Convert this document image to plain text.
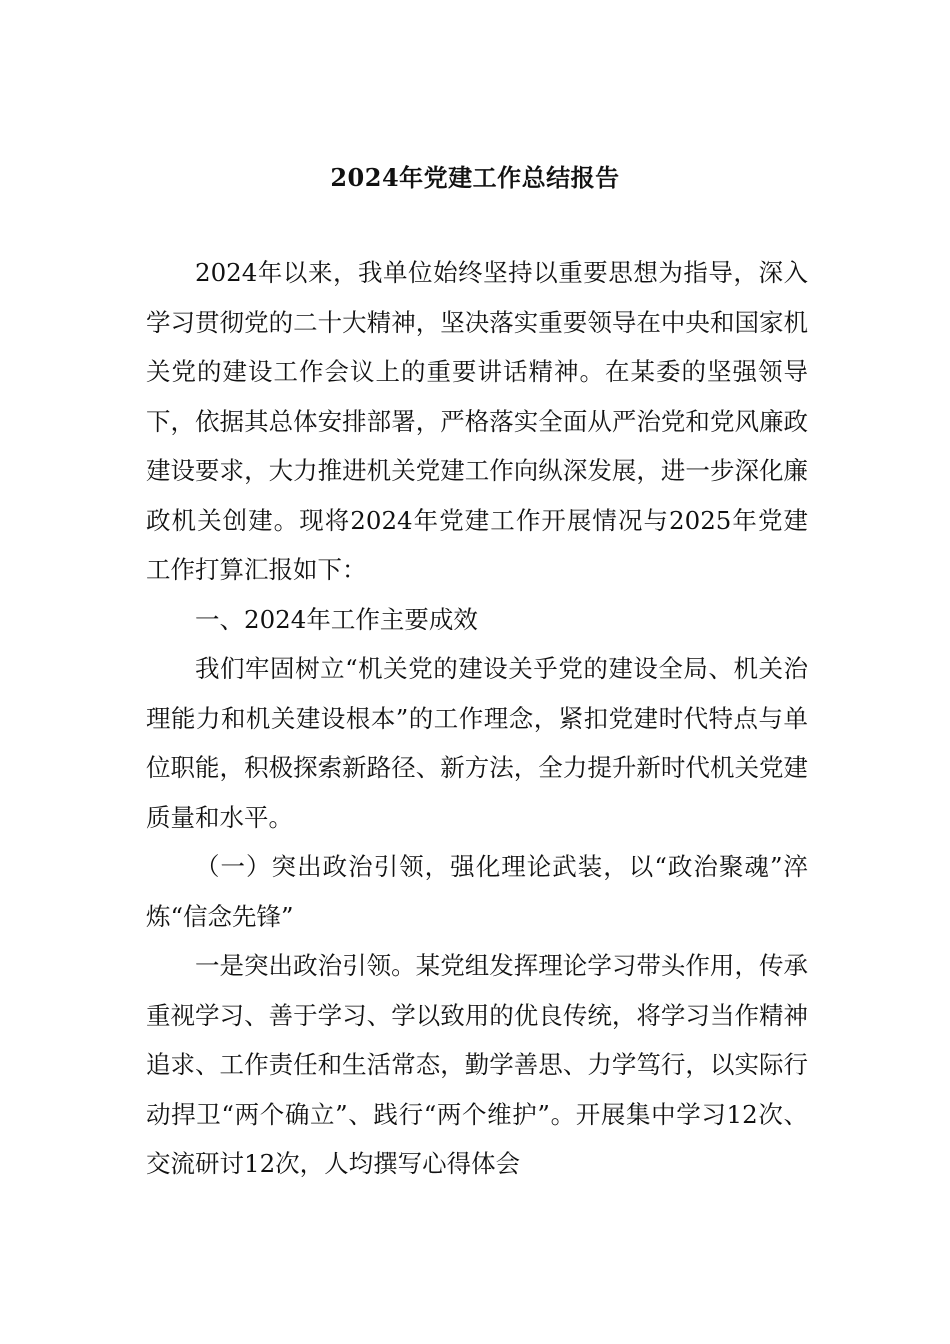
2024年党建工作总结报告

2024年以来，我单位始终坚持以重要思想为指导，深入学习贯彻党的二十大精神，坚决落实重要领导在中央和国家机关党的建设工作会议上的重要讲话精神。在某委的坚强领导下，依据其总体安排部署，严格落实全面从严治党和党风廉政建设要求，大力推进机关党建工作向纵深发展，进一步深化廉政机关创建。现将2024年党建工作开展情况与2025年党建工作打算汇报如下：

一、2024年工作主要成效

我们牢固树立“机关党的建设关乎党的建设全局、机关治理能力和机关建设根本”的工作理念，紧扣党建时代特点与单位职能，积极探索新路径、新方法，全力提升新时代机关党建质量和水平。

（一）突出政治引领，强化理论武装，以“政治聚魂”淬炼“信念先锋”

一是突出政治引领。某党组发挥理论学习带头作用，传承重视学习、善于学习、学以致用的优良传统，将学习当作精神追求、工作责任和生活常态，勤学善思、力学笃行，以实际行动捍卫“两个确立”、践行“两个维护”。开展集中学习12次、交流研讨12次，人均撰写心得体会
